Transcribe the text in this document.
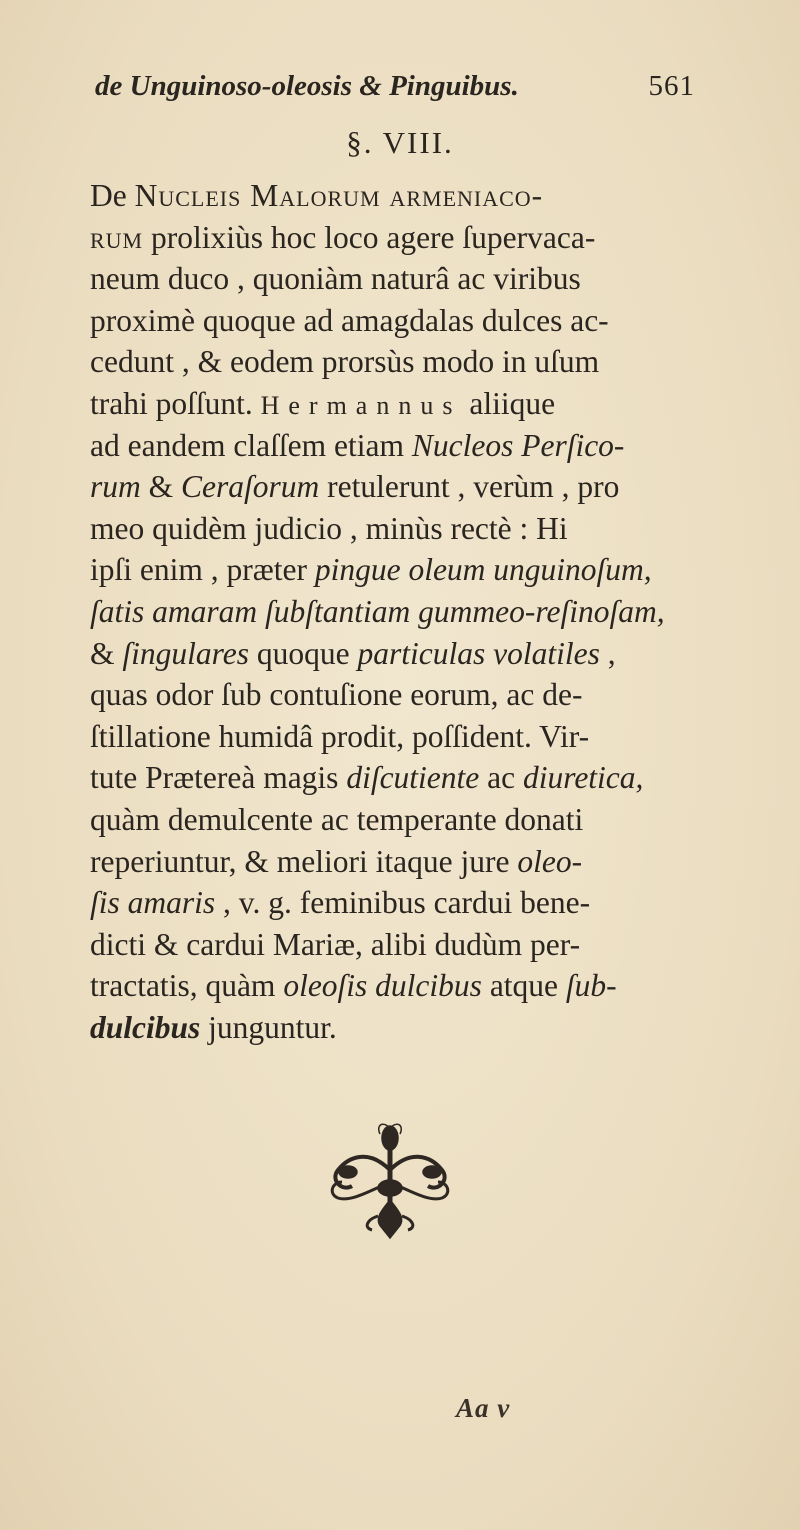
de Unguinoso-oleosis & Pinguibus.	561
§. VIII.
De Nucleis Malorum armeniaco-
rum prolixiùs hoc loco agere ſupervaca-
neum duco , quoniàm naturâ ac viribus
proximè quoque ad amagdalas dulces ac-
cedunt , & eodem prorsùs modo in uſum
trahi poſſunt. Hermannus aliique
ad eandem claſſem etiam Nucleos Perſico-
rum & Ceraſorum retulerunt , verùm , pro
meo quidèm judicio , minùs rectè : Hi
ipſi enim , præter pingue oleum unguinoſum,
ſatis amaram ſubſtantiam gummeo-reſinoſam,
& ſingulares quoque particulas volatiles ,
quas odor ſub contuſione eorum, ac de-
ſtillatione humidâ prodit, poſſident. Vir-
tute Prætereà magis diſcutiente ac diuretica,
quàm demulcente ac temperante donati
reperiuntur, & meliori itaque jure oleo-
ſis amaris , v. g. feminibus cardui bene-
dicti & cardui Mariæ, alibi dudùm per-
tractatis, quàm oleoſis dulcibus atque ſub-
dulcibus junguntur.
Aa v
